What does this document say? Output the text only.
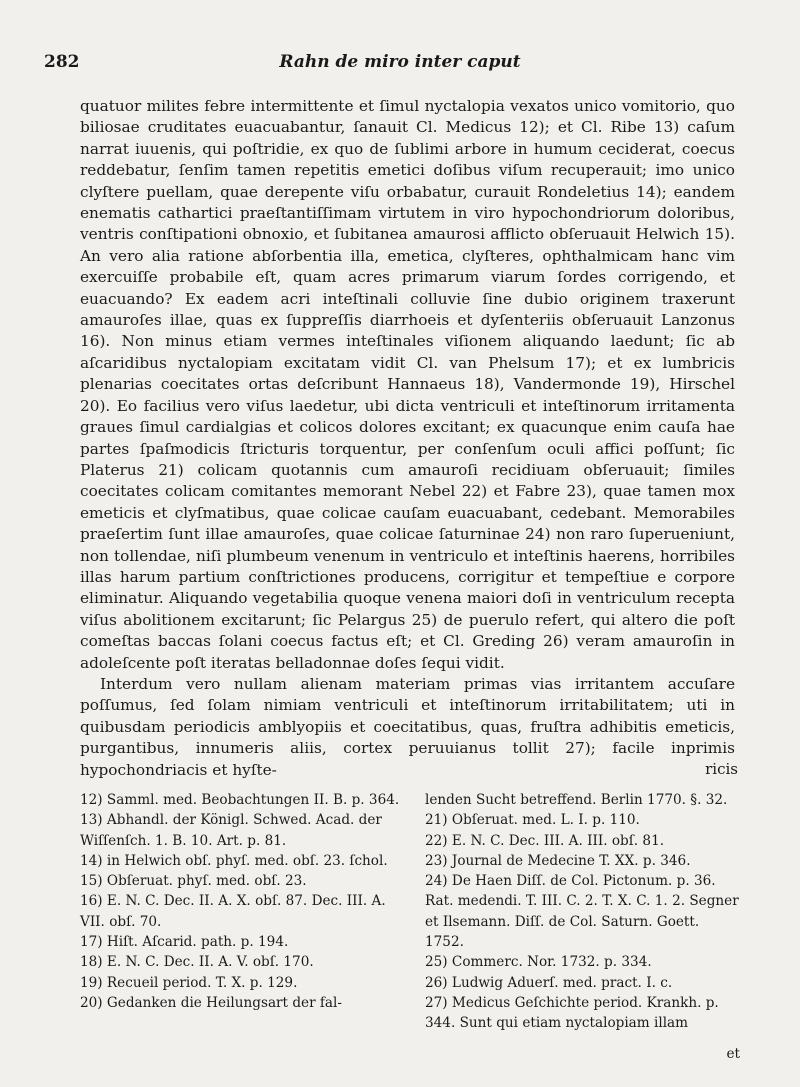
282	Rahn de miro inter caput

quatuor milites febre intermittente et ſimul nyctalopia vexatos unico vomitorio, quo biliosae cruditates euacuabantur, ſanauit Cl. Medicus 12); et Cl. Ribe 13) caſum narrat iuuenis, qui poſtridie, ex quo de ſublimi arbore in humum ceciderat, coecus reddebatur, ſenſim tamen repetitis emetici doſibus viſum recuperauit; imo unico clyſtere puellam, quae derepente viſu orbabatur, curauit Rondeletius 14); eandem enematis cathartici praeſtantiſſimam virtutem in viro hypochondriorum doloribus, ventris conſtipationi obnoxio, et ſubitanea amaurosi afflicto obſeruauit Helwich 15). An vero alia ratione abſorbentia illa, emetica, clyſteres, ophthalmicam hanc vim exercuiſſe probabile eſt, quam acres primarum viarum ſordes corrigendo, et euacuando? Ex eadem acri inteſtinali colluvie ſine dubio originem traxerunt amauroſes illae, quas ex ſuppreſſis diarrhoeis et dyſenteriis obſeruauit Lanzonus 16). Non minus etiam vermes inteſtinales viſionem aliquando laedunt; ſic ab aſcaridibus nyctalopiam excitatam vidit Cl. van Phelsum 17); et ex lumbricis plenarias coecitates ortas deſcribunt Hannaeus 18), Vandermonde 19), Hirschel 20). Eo facilius vero viſus laedetur, ubi dicta ventriculi et inteſtinorum irritamenta graues ſimul cardialgias et colicos dolores excitant; ex quacunque enim cauſa hae partes ſpaſmodicis ſtricturis torquentur, per conſenſum oculi affici poſſunt; ſic Platerus 21) colicam quotannis cum amauroſi recidiuam obſeruauit; ſimiles coecitates colicam comitantes memorant Nebel 22) et Fabre 23), quae tamen mox emeticis et clyſmatibus, quae colicae cauſam euacuabant, cedebant. Memorabiles praeſertim ſunt illae amauroſes, quae colicae ſaturninae 24) non raro ſuperueniunt, non tollendae, niſi plumbeum venenum in ventriculo et inteſtinis haerens, horribiles illas harum partium conſtrictiones producens, corrigitur et tempeſtiue e corpore eliminatur. Aliquando vegetabilia quoque venena maiori doſi in ventriculum recepta viſus abolitionem excitarunt; ſic Pelargus 25) de puerulo refert, qui altero die poſt comeſtas baccas ſolani coecus factus eſt; et Cl. Greding 26) veram amauroſin in adoleſcente poſt iteratas belladonnae doſes ſequi vidit.

Interdum vero nullam alienam materiam primas vias irritantem accuſare poſſumus, ſed ſolam nimiam ventriculi et inteſtinorum irritabilitatem; uti in quibusdam periodicis amblyopiis et coecitatibus, quas, fruſtra adhibitis emeticis, purgantibus, innumeris aliis, cortex peruuianus tollit 27); facile inprimis hypochondriacis et hyſte-	ricis

12) Samml. med. Beobachtungen II. B. p. 364.

13) Abhandl. der Königl. Schwed. Acad. der Wiſſenſch. 1. B. 10. Art. p. 81.

14) in Helwich obſ. phyſ. med. obſ. 23. ſchol.

15) Obſeruat. phyſ. med. obſ. 23.

16) E. N. C. Dec. II. A. X. obſ. 87. Dec. III. A. VII. obſ. 70.

17) Hiſt. Aſcarid. path. p. 194.

18) E. N. C. Dec. II. A. V. obſ. 170.

19) Recueil period. T. X. p. 129.

20) Gedanken die Heilungsart der fal-

lenden Sucht betreffend. Berlin 1770. §. 32.

21) Obſeruat. med. L. I. p. 110.

22) E. N. C. Dec. III. A. III. obſ. 81.

23) Journal de Medecine T. XX. p. 346.

24) De Haen Diſſ. de Col. Pictonum. p. 36. Rat. medendi. T. III. C. 2. T. X. C. 1. 2. Segner et Ilsemann. Diſſ. de Col. Saturn. Goett. 1752.

25) Commerc. Nor. 1732. p. 334.

26) Ludwig Aduerſ. med. pract. I. c.

27) Medicus Geſchichte period. Krankh. p. 344. Sunt qui etiam nyctalopiam illam

et
